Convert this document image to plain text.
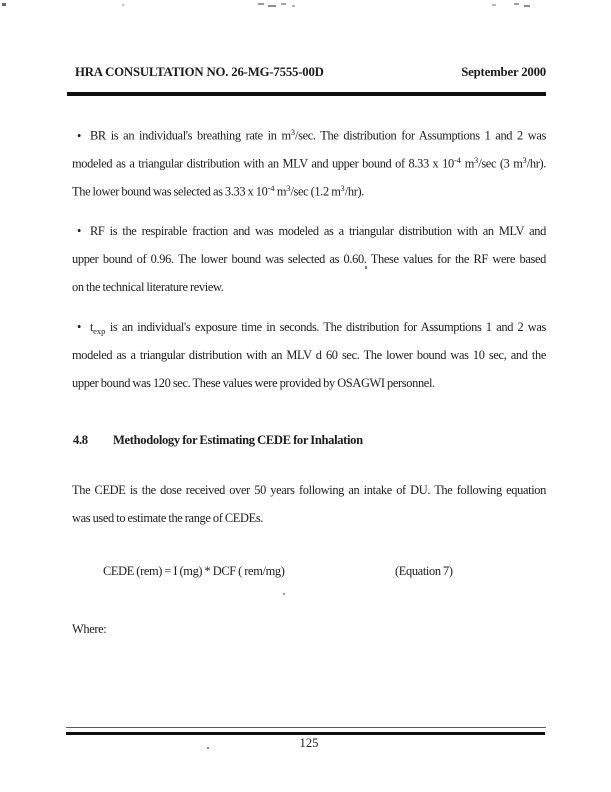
HRA CONSULTATION NO. 26-MG-7555-00D	September 2000
• BR is an individual's breathing rate in $m^3/\sec$. The distribution for Assumptions 1 and 2 was
modeled as a triangular distribution with an MLV and upper bound of 8.33 x $10^{-4}$ $m^3/\sec$ (3 $m^3/hr$).
The lower bound was selected as 3.33 x $10^{-4}$ $m^3/\sec$ (1.2 $m^3/hr$).
• RF is the respirable fraction and was modeled as a triangular distribution with an MLV and
upper bound of 0.96. The lower bound was selected as 0.60. These values for the RF were based
on the technical literature review.
• $t_{exp}$ is an individual's exposure time in seconds. The distribution for Assumptions 1 and 2 was
modeled as a triangular distribution with an MLV d 60 sec. The lower bound was 10 sec, and the
upper bound was 120 sec. These values were provided by OSAGWI personnel.
4.8 Methodology for Estimating CEDE for Inhalation
The CEDE is the dose received over 50 years following an intake of DU. The following equation
was used to estimate the range of CEDEs.
CEDE (rem) = I (mg) * DCF ( rem/mg)	(Equation 7)
Where:
125
